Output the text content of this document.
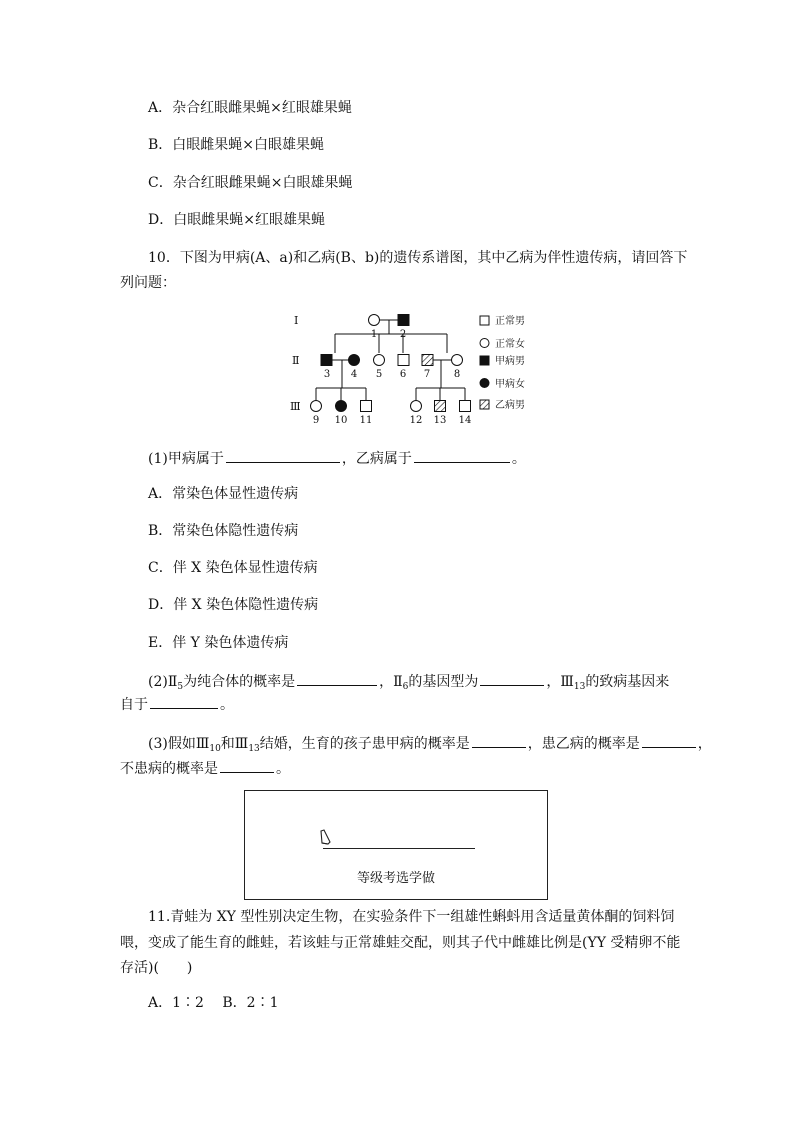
A．杂合红眼雌果蝇×红眼雄果蝇
B．白眼雌果蝇×白眼雄果蝇
C．杂合红眼雌果蝇×白眼雄果蝇
D．白眼雌果蝇×红眼雄果蝇
10．下图为甲病(A、a)和乙病(B、b)的遗传系谱图，其中乙病为伴性遗传病，请回答下
列问题：
Ⅰ
Ⅱ
Ⅲ
1 2
3 4 5 6 7 8
9 10 11	12 13 14
正常男
正常女
甲病男
甲病女
乙病男
(1)甲病属于	，乙病属于	。
A．常染色体显性遗传病
B．常染色体隐性遗传病
C．伴 X 染色体显性遗传病
D．伴 X 染色体隐性遗传病
E．伴 Y 染色体遗传病
$(2)Ⅱ_5$为纯合体的概率是	，$Ⅱ_6$的基因型为	，$Ⅲ_{13}$的致病基因来
自于	。
(3)假如$Ⅲ_{10}$和$Ⅲ_{13}$结婚，生育的孩子患甲病的概率是	，患乙病的概率是	，
不患病的概率是	。
等级考选学做
11.青蛙为 XY 型性别决定生物，在实验条件下一组雄性蝌蚪用含适量黄体酮的饲料饲
喂，变成了能生育的雌蛙，若该蛙与正常雄蛙交配，则其子代中雌雄比例是(YY 受精卵不能
存活)(　　)
A．1∶2　 B．2∶1
